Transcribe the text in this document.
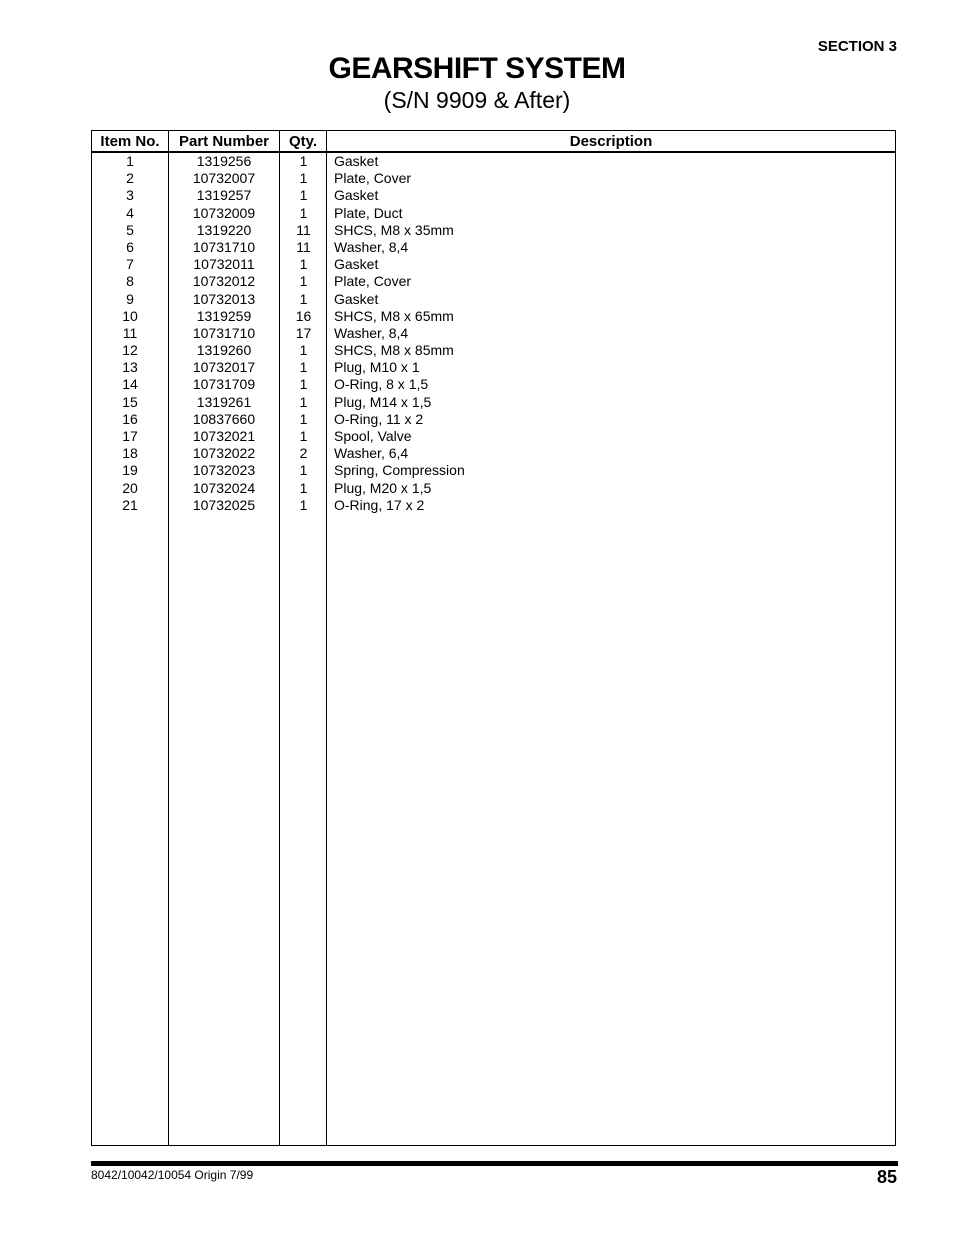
SECTION 3
GEARSHIFT SYSTEM
(S/N 9909 & After)
Item No.	Part Number	Qty.	Description
1	1319256	1	Gasket
2	10732007	1	Plate, Cover
3	1319257	1	Gasket
4	10732009	1	Plate, Duct
5	1319220	11	SHCS, M8 x 35mm
6	10731710	11	Washer, 8,4
7	10732011	1	Gasket
8	10732012	1	Plate, Cover
9	10732013	1	Gasket
10	1319259	16	SHCS, M8 x 65mm
11	10731710	17	Washer, 8,4
12	1319260	1	SHCS, M8 x 85mm
13	10732017	1	Plug, M10 x 1
14	10731709	1	O-Ring, 8 x 1,5
15	1319261	1	Plug, M14 x 1,5
16	10837660	1	O-Ring, 11 x 2
17	10732021	1	Spool, Valve
18	10732022	2	Washer, 6,4
19	10732023	1	Spring, Compression
20	10732024	1	Plug, M20 x 1,5
21	10732025	1	O-Ring, 17 x 2
8042/10042/10054 Origin 7/99	85
